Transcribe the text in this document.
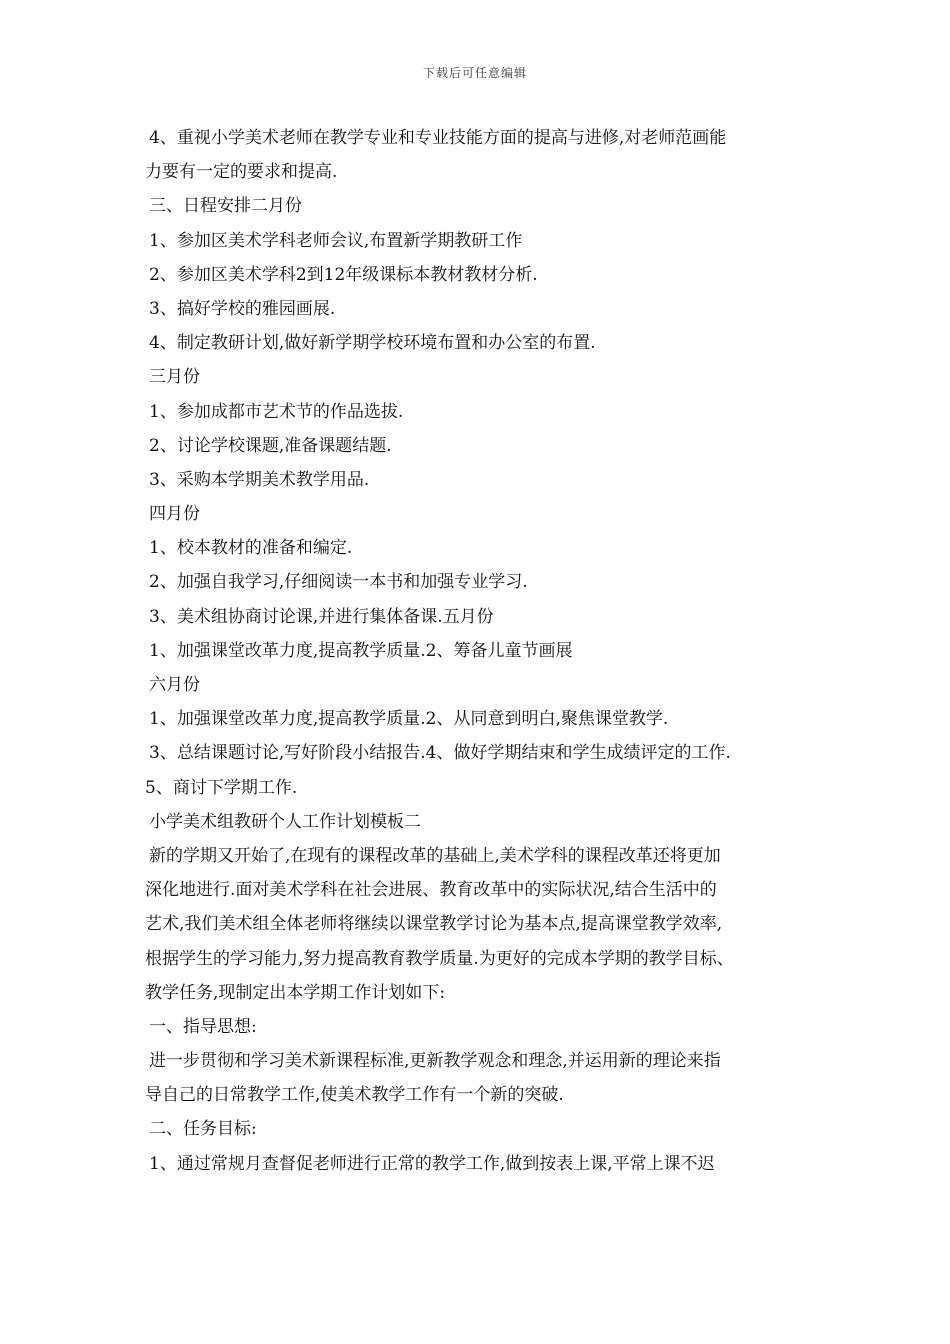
下载后可任意编辑
4、重视小学美术老师在教学专业和专业技能方面的提高与进修,对老师范画能
力要有一定的要求和提高.
三、日程安排二月份
1、参加区美术学科老师会议,布置新学期教研工作
2、参加区美术学科2到12年级课标本教材教材分析.
3、搞好学校的雅园画展.
4、制定教研计划,做好新学期学校环境布置和办公室的布置.
三月份
1、参加成都市艺术节的作品选拔.
2、讨论学校课题,准备课题结题.
3、采购本学期美术教学用品.
四月份
1、校本教材的准备和编定.
2、加强自我学习,仔细阅读一本书和加强专业学习.
3、美术组协商讨论课,并进行集体备课.五月份
1、加强课堂改革力度,提高教学质量.2、筹备儿童节画展
六月份
1、加强课堂改革力度,提高教学质量.2、从同意到明白,聚焦课堂教学.
3、总结课题讨论,写好阶段小结报告.4、做好学期结束和学生成绩评定的工作.
5、商讨下学期工作.
小学美术组教研个人工作计划模板二
新的学期又开始了,在现有的课程改革的基础上,美术学科的课程改革还将更加
深化地进行.面对美术学科在社会进展、教育改革中的实际状况,结合生活中的
艺术,我们美术组全体老师将继续以课堂教学讨论为基本点,提高课堂教学效率,
根据学生的学习能力,努力提高教育教学质量.为更好的完成本学期的教学目标、
教学任务,现制定出本学期工作计划如下:
一、指导思想:
进一步贯彻和学习美术新课程标准,更新教学观念和理念,并运用新的理论来指
导自己的日常教学工作,使美术教学工作有一个新的突破.
二、任务目标:
1、通过常规月查督促老师进行正常的教学工作,做到按表上课,平常上课不迟
